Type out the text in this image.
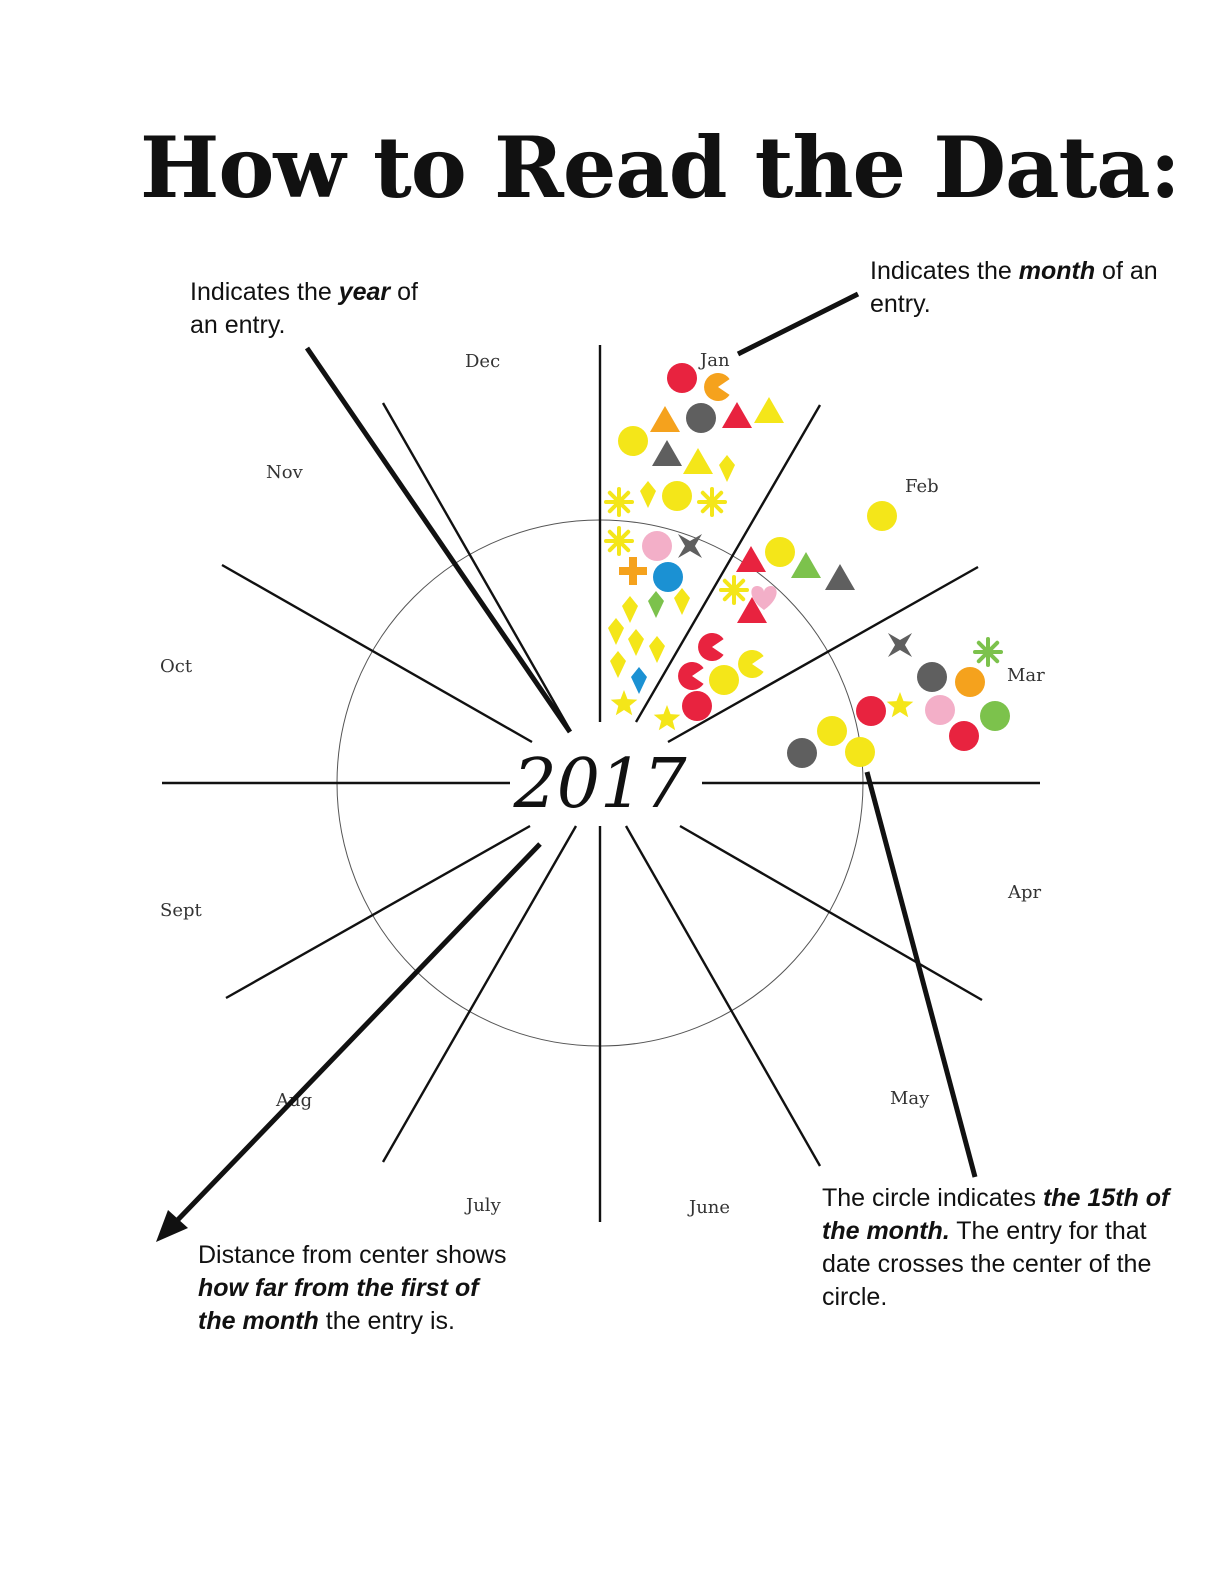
How to Read the Data:
Jan
Feb
Mar
Apr
May
June
July
Aug
Sept
Oct
Nov
Dec
2017

Indicates the year of an entry.

Indicates the month of an entry.

Distance from center shows how far from the first of the month the entry is.

The circle indicates the 15th of the month. The entry for that date crosses the center of the circle.
